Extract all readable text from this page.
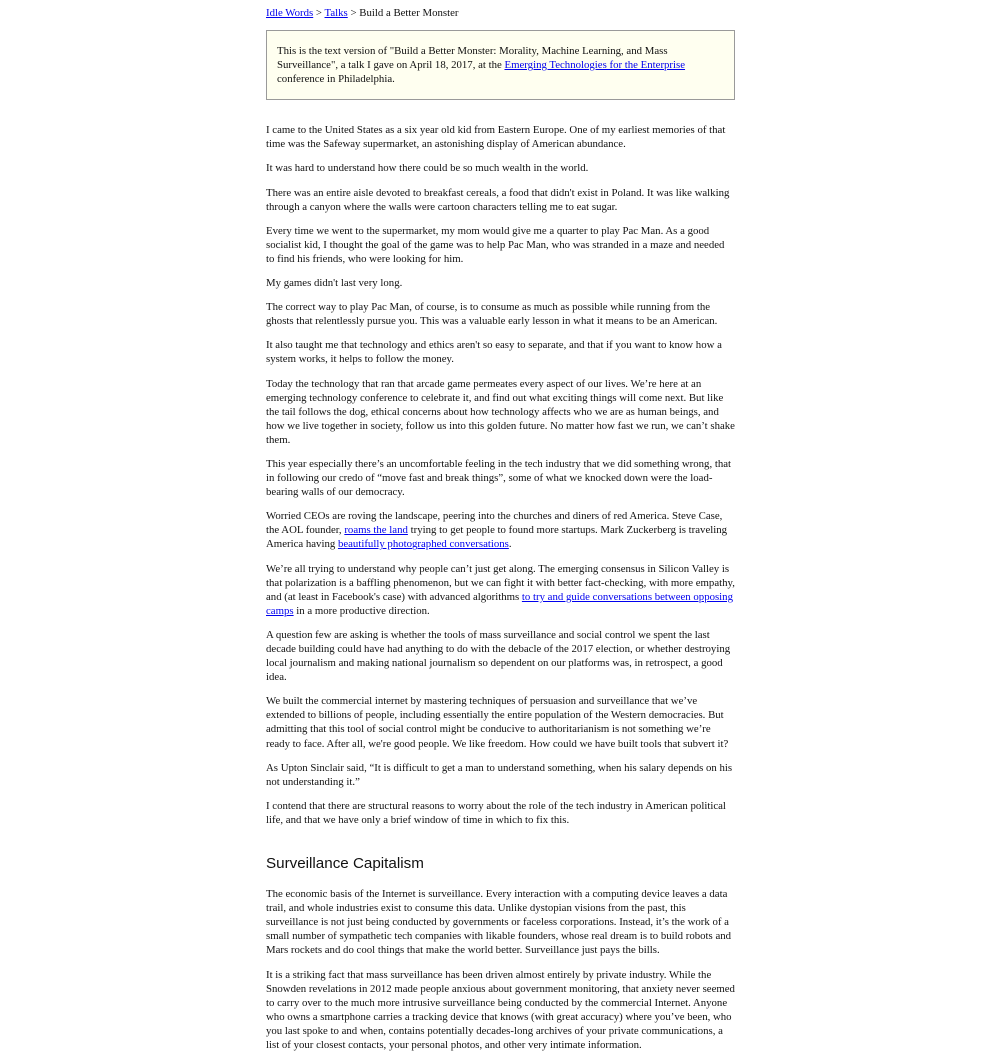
Idle Words > Talks > Build a Better Monster

This is the text version of "Build a Better Monster: Morality, Machine Learning, and Mass Surveillance", a talk I gave on April 18, 2017, at the Emerging Technologies for the Enterprise conference in Philadelphia.

I came to the United States as a six year old kid from Eastern Europe. One of my earliest memories of that time was the Safeway supermarket, an astonishing display of American abundance.

It was hard to understand how there could be so much wealth in the world.

There was an entire aisle devoted to breakfast cereals, a food that didn't exist in Poland. It was like walking through a canyon where the walls were cartoon characters telling me to eat sugar.

Every time we went to the supermarket, my mom would give me a quarter to play Pac Man. As a good socialist kid, I thought the goal of the game was to help Pac Man, who was stranded in a maze and needed to find his friends, who were looking for him.

My games didn't last very long.

The correct way to play Pac Man, of course, is to consume as much as possible while running from the ghosts that relentlessly pursue you. This was a valuable early lesson in what it means to be an American.

It also taught me that technology and ethics aren't so easy to separate, and that if you want to know how a system works, it helps to follow the money.

Today the technology that ran that arcade game permeates every aspect of our lives. We’re here at an emerging technology conference to celebrate it, and find out what exciting things will come next. But like the tail follows the dog, ethical concerns about how technology affects who we are as human beings, and how we live together in society, follow us into this golden future. No matter how fast we run, we can’t shake them.

This year especially there’s an uncomfortable feeling in the tech industry that we did something wrong, that in following our credo of “move fast and break things”, some of what we knocked down were the load-bearing walls of our democracy.

Worried CEOs are roving the landscape, peering into the churches and diners of red America. Steve Case, the AOL founder, roams the land trying to get people to found more startups. Mark Zuckerberg is traveling America having beautifully photographed conversations.

We’re all trying to understand why people can’t just get along. The emerging consensus in Silicon Valley is that polarization is a baffling phenomenon, but we can fight it with better fact-checking, with more empathy, and (at least in Facebook's case) with advanced algorithms to try and guide conversations between opposing camps in a more productive direction.

A question few are asking is whether the tools of mass surveillance and social control we spent the last decade building could have had anything to do with the debacle of the 2017 election, or whether destroying local journalism and making national journalism so dependent on our platforms was, in retrospect, a good idea.

We built the commercial internet by mastering techniques of persuasion and surveillance that we’ve extended to billions of people, including essentially the entire population of the Western democracies. But admitting that this tool of social control might be conducive to authoritarianism is not something we’re ready to face. After all, we're good people. We like freedom. How could we have built tools that subvert it?

As Upton Sinclair said, “It is difficult to get a man to understand something, when his salary depends on his not understanding it.”

I contend that there are structural reasons to worry about the role of the tech industry in American political life, and that we have only a brief window of time in which to fix this.

Surveillance Capitalism

The economic basis of the Internet is surveillance. Every interaction with a computing device leaves a data trail, and whole industries exist to consume this data. Unlike dystopian visions from the past, this surveillance is not just being conducted by governments or faceless corporations. Instead, it’s the work of a small number of sympathetic tech companies with likable founders, whose real dream is to build robots and Mars rockets and do cool things that make the world better. Surveillance just pays the bills.

It is a striking fact that mass surveillance has been driven almost entirely by private industry. While the Snowden revelations in 2012 made people anxious about government monitoring, that anxiety never seemed to carry over to the much more intrusive surveillance being conducted by the commercial Internet. Anyone who owns a smartphone carries a tracking device that knows (with great accuracy) where you’ve been, who you last spoke to and when, contains potentially decades-long archives of your private communications, a list of your closest contacts, your personal photos, and other very intimate information.
